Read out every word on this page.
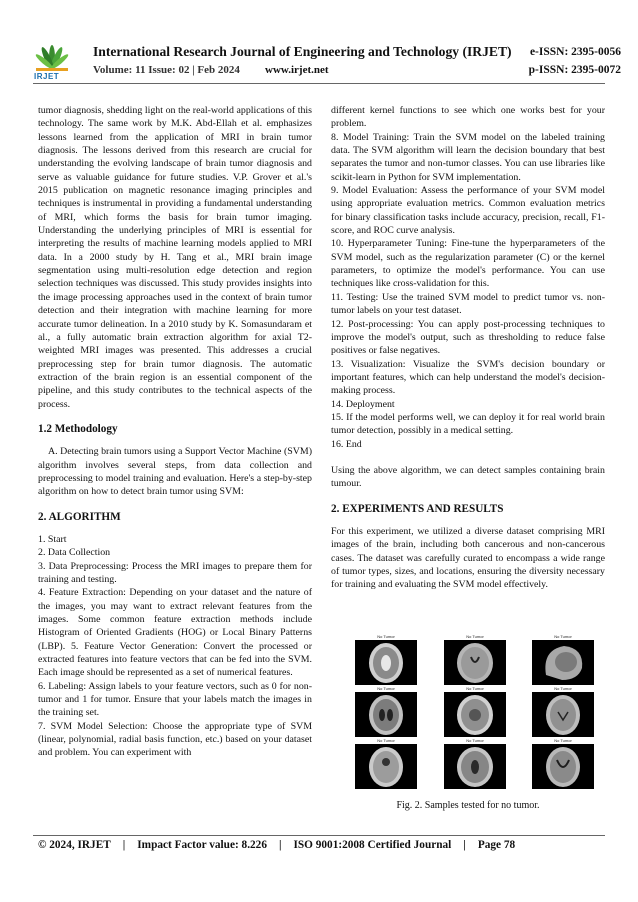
IRJET
International Research Journal of Engineering and Technology (IRJET) e-ISSN: 2395-0056
Volume: 11 Issue: 02 | Feb 2024 www.irjet.net	p-ISSN: 2395-0072

tumor diagnosis, shedding light on the real-world applications of this technology. The same work by M.K. Abd-Ellah et al. emphasizes lessons learned from the application of MRI in brain tumor diagnosis. The lessons derived from this research are crucial for understanding the evolving landscape of brain tumor diagnosis and serve as valuable guidance for future studies. V.P. Grover et al.'s 2015 publication on magnetic resonance imaging principles and techniques is instrumental in providing a fundamental understanding of MRI, which forms the basis for brain tumor imaging. Understanding the underlying principles of MRI is essential for interpreting the results of machine learning models applied to MRI data. In a 2000 study by H. Tang et al., MRI brain image segmentation using multi-resolution edge detection and region selection techniques was discussed. This study provides insights into the image processing approaches used in the context of brain tumor detection and their integration with machine learning for more accurate tumor delineation. In a 2010 study by K. Somasundaram et al., a fully automatic brain extraction algorithm for axial T2-weighted MRI images was presented. This addresses a crucial preprocessing step for brain tumor diagnosis. The automatic extraction of the brain region is an essential component of the pipeline, and this study contributes to the technical aspects of the process.

1.2 Methodology

A. Detecting brain tumors using a Support Vector Machine (SVM) algorithm involves several steps, from data collection and preprocessing to model training and evaluation. Here's a step-by-step algorithm on how to detect brain tumor using SVM:

2. ALGORITHM

1. Start

2. Data Collection

3. Data Preprocessing: Process the MRI images to prepare them for training and testing.

4. Feature Extraction: Depending on your dataset and the nature of the images, you may want to extract relevant features from the images. Some common feature extraction methods include Histogram of Oriented Gradients (HOG) or Local Binary Patterns (LBP). 5. Feature Vector Generation: Convert the processed or extracted features into feature vectors that can be fed into the SVM. Each image should be represented as a set of numerical features.

6. Labeling: Assign labels to your feature vectors, such as 0 for non-tumor and 1 for tumor. Ensure that your labels match the images in the training set.

7. SVM Model Selection: Choose the appropriate type of SVM (linear, polynomial, radial basis function, etc.) based on your dataset and problem. You can experiment with

different kernel functions to see which one works best for your problem.

8. Model Training: Train the SVM model on the labeled training data. The SVM algorithm will learn the decision boundary that best separates the tumor and non-tumor classes. You can use libraries like scikit-learn in Python for SVM implementation.

9. Model Evaluation: Assess the performance of your SVM model using appropriate evaluation metrics. Common evaluation metrics for binary classification tasks include accuracy, precision, recall, F1-score, and ROC curve analysis.

10. Hyperparameter Tuning: Fine-tune the hyperparameters of the SVM model, such as the regularization parameter (C) or the kernel parameters, to optimize the model's performance. You can use techniques like cross-validation for this.

11. Testing: Use the trained SVM model to predict tumor vs. non-tumor labels on your test dataset.

12. Post-processing: You can apply post-processing techniques to improve the model's output, such as thresholding to reduce false positives or false negatives.

13. Visualization: Visualize the SVM's decision boundary or important features, which can help understand the model's decision-making process.

14. Deployment

15. If the model performs well, we can deploy it for real world brain tumor detection, possibly in a medical setting.

16. End

Using the above algorithm, we can detect samples containing brain tumour.

2. EXPERIMENTS AND RESULTS

For this experiment, we utilized a diverse dataset comprising MRI images of the brain, including both cancerous and non-cancerous cases. The dataset was carefully curated to encompass a wide range of tumor types, sizes, and locations, ensuring the diversity necessary for training and evaluating the SVM model effectively.

No Tumor	No Tumor	No Tumor
No Tumor	No Tumor	No Tumor
No Tumor	No Tumor	No Tumor
Fig. 2. Samples tested for no tumor.
© 2024, IRJET | Impact Factor value: 8.226 | ISO 9001:2008 Certified Journal | Page 78
